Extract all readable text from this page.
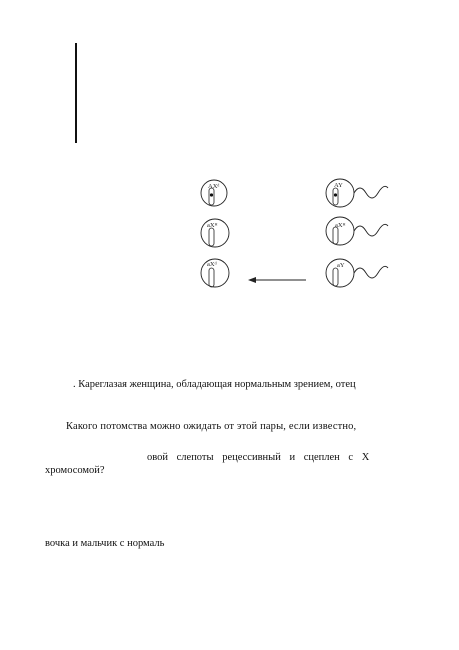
AXᵈ
aXᴴ
aXᵈ
AY
aXᴴ
aY
. Кареглазая женщина, обладающая нормальным зрением, отец
Какого потомства можно ожидать от этой пары, если известно,
овой слепоты рецессивный и сцеплен с X
хромосомой?
вочка и мальчик с нормаль
